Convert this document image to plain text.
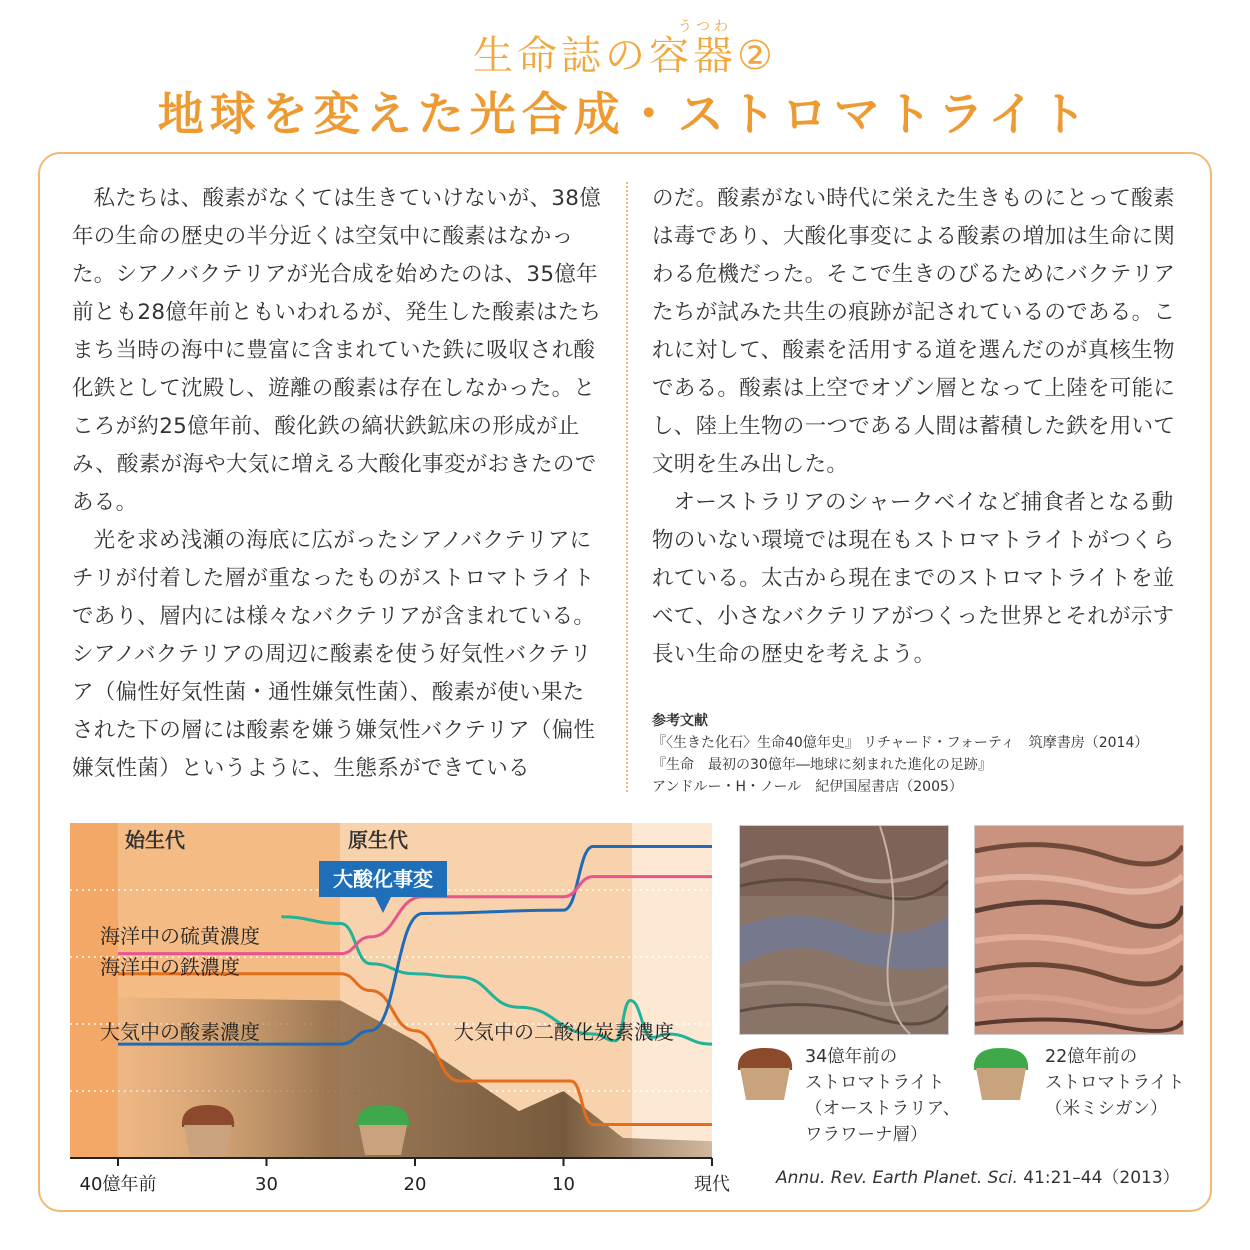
うつわ
生命誌の容器②
地球を変えた光合成・ストロマトライト

私たちは、酸素がなくては生きていけないが、38億年の生命の歴史の半分近くは空気中に酸素はなかった。シアノバクテリアが光合成を始めたのは、35億年前とも28億年前ともいわれるが、発生した酸素はたちまち当時の海中に豊富に含まれていた鉄に吸収され酸化鉄として沈殿し、遊離の酸素は存在しなかった。ところが約25億年前、酸化鉄の縞状鉄鉱床の形成が止み、酸素が海や大気に増える大酸化事変がおきたのである。

光を求め浅瀬の海底に広がったシアノバクテリアにチリが付着した層が重なったものがストロマトライトであり、層内には様々なバクテリアが含まれている。シアノバクテリアの周辺に酸素を使う好気性バクテリア（偏性好気性菌・通性嫌気性菌）、酸素が使い果たされた下の層には酸素を嫌う嫌気性バクテリア（偏性嫌気性菌）というように、生態系ができている

のだ。酸素がない時代に栄えた生きものにとって酸素は毒であり、大酸化事変による酸素の増加は生命に関わる危機だった。そこで生きのびるためにバクテリアたちが試みた共生の痕跡が記されているのである。これに対して、酸素を活用する道を選んだのが真核生物である。酸素は上空でオゾン層となって上陸を可能にし、陸上生物の一つである人間は蓄積した鉄を用いて文明を生み出した。

オーストラリアのシャークベイなど捕食者となる動物のいない環境では現在もストロマトライトがつくられている。太古から現在までのストロマトライトを並べて、小さなバクテリアがつくった世界とそれが示す長い生命の歴史を考えよう。

参考文献
『〈生きた化石〉生命40億年史』 リチャード・フォーティ　筑摩書房（2014）
『生命　最初の30億年―地球に刻まれた進化の足跡』
アンドルー・H・ノール　紀伊国屋書店（2005）
40億年前	30	20	10	現代
始生代	原生代
大酸化事変
海洋中の硫黄濃度
海洋中の鉄濃度
大気中の酸素濃度	大気中の二酸化炭素濃度
34億年前の
ストロマトライト
（オーストラリア、
ワラワーナ層）
22億年前の
ストロマトライト
（米ミシガン）
Annu. Rev. Earth Planet. Sci. 41:21–44（2013）
